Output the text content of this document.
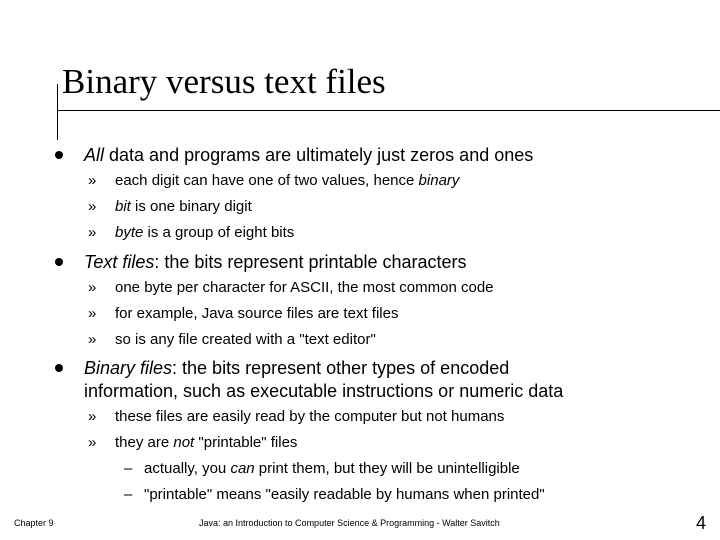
Binary versus text files
All data and programs are ultimately just zeros and ones
» each digit can have one of two values, hence binary
» bit is one binary digit
» byte is a group of eight bits
Text files: the bits represent printable characters
» one byte per character for ASCII, the most common code
» for example, Java source files are text files
» so is any file created with a "text editor"
Binary files: the bits represent other types of encoded
information, such as executable instructions or numeric data
» these files are easily read by the computer but not humans
» they are not "printable" files
– actually, you can print them, but they will be unintelligible
– "printable" means "easily readable by humans when printed"
Chapter 9	Java: an Introduction to Computer Science & Programming - Walter Savitch	4
